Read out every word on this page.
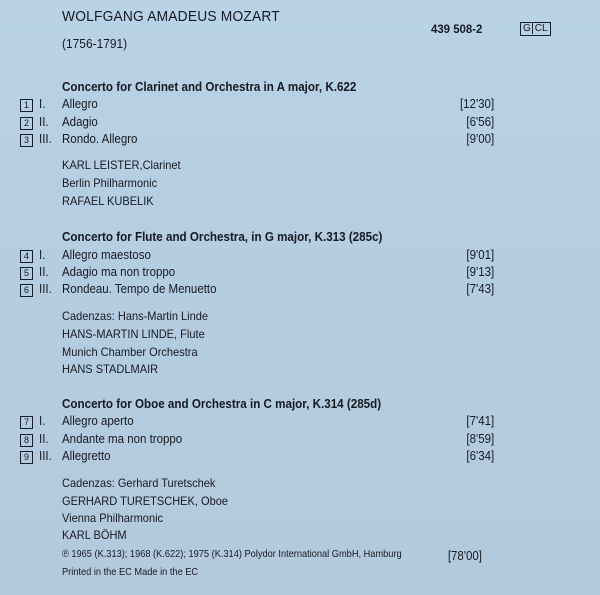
WOLFGANG AMADEUS MOZART
(1756-1791)
439 508-2	G CL
Concerto for Clarinet and Orchestra in A major, K.622
1 I. Allegro	[12'30]
2 II. Adagio	[6'56]
3 III. Rondo. Allegro	[9'00]
KARL LEISTER,Clarinet
Berlin Philharmonic
RAFAEL KUBELIK
Concerto for Flute and Orchestra, in G major, K.313 (285c)
4 I. Allegro maestoso	[9'01]
5 II. Adagio ma non troppo	[9'13]
6 III. Rondeau. Tempo de Menuetto	[7'43]
Cadenzas: Hans-Martin Linde
HANS-MARTIN LINDE, Flute
Munich Chamber Orchestra
HANS STADLMAIR
Concerto for Oboe and Orchestra in C major, K.314 (285d)
7 I. Allegro aperto	[7'41]
8 II. Andante ma non troppo	[8'59]
9 III. Allegretto	[6'34]
Cadenzas: Gerhard Turetschek
GERHARD TURETSCHEK, Oboe
Vienna Philharmonic
KARL BÖHM
℗ 1965 (K.313); 1968 (K.622); 1975 (K.314) Polydor International GmbH, Hamburg	[78'00]
Printed in the EC Made in the EC
